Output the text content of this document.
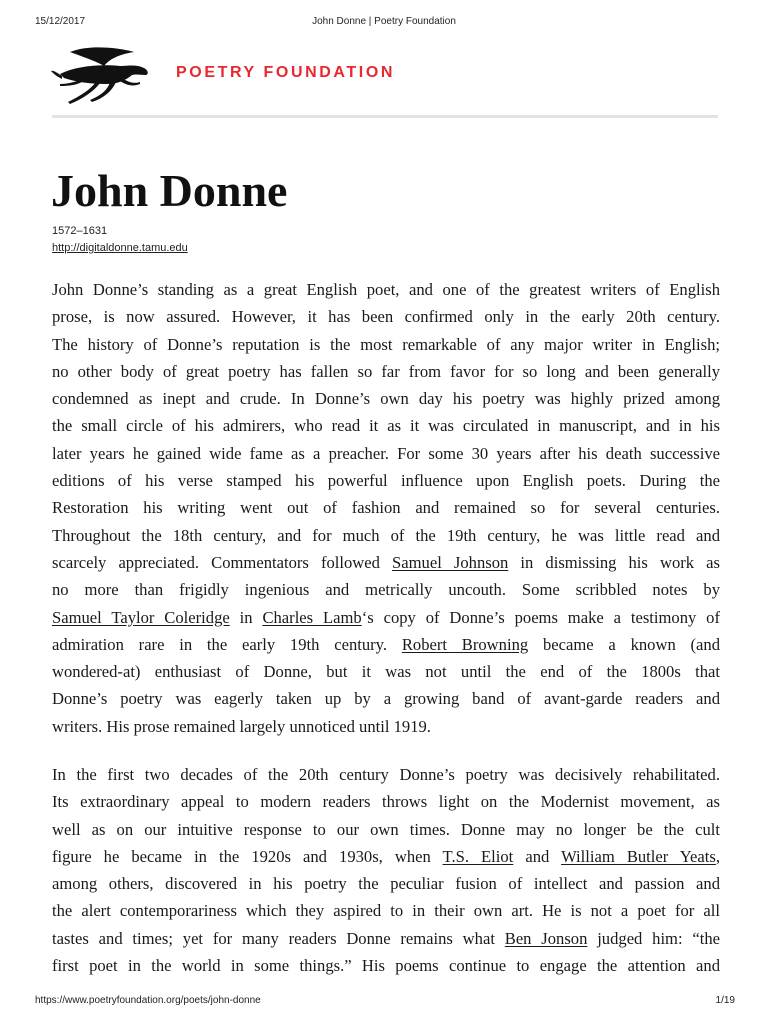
15/12/2017	John Donne | Poetry Foundation
POETRY FOUNDATION
John Donne
1572–1631
http://digitaldonne.tamu.edu
John Donne’s standing as a great English poet, and one of the greatest writers of English
prose, is now assured. However, it has been confirmed only in the early 20th century.
The history of Donne’s reputation is the most remarkable of any major writer in English;
no other body of great poetry has fallen so far from favor for so long and been generally
condemned as inept and crude. In Donne’s own day his poetry was highly prized among
the small circle of his admirers, who read it as it was circulated in manuscript, and in his
later years he gained wide fame as a preacher. For some 30 years after his death successive
editions of his verse stamped his powerful influence upon English poets. During the
Restoration his writing went out of fashion and remained so for several centuries.
Throughout the 18th century, and for much of the 19th century, he was little read and
scarcely appreciated. Commentators followed Samuel Johnson in dismissing his work as
no more than frigidly ingenious and metrically uncouth. Some scribbled notes by
Samuel Taylor Coleridge in Charles Lamb‘s copy of Donne’s poems make a testimony of
admiration rare in the early 19th century. Robert Browning became a known (and
wondered-at) enthusiast of Donne, but it was not until the end of the 1800s that
Donne’s poetry was eagerly taken up by a growing band of avant-garde readers and
writers. His prose remained largely unnoticed until 1919.
In the first two decades of the 20th century Donne’s poetry was decisively rehabilitated.
Its extraordinary appeal to modern readers throws light on the Modernist movement, as
well as on our intuitive response to our own times. Donne may no longer be the cult
figure he became in the 1920s and 1930s, when T.S. Eliot and William Butler Yeats,
among others, discovered in his poetry the peculiar fusion of intellect and passion and
the alert contemporariness which they aspired to in their own art. He is not a poet for all
tastes and times; yet for many readers Donne remains what Ben Jonson judged him: “the
first poet in the world in some things.” His poems continue to engage the attention and
https://www.poetryfoundation.org/poets/john-donne	1/19
